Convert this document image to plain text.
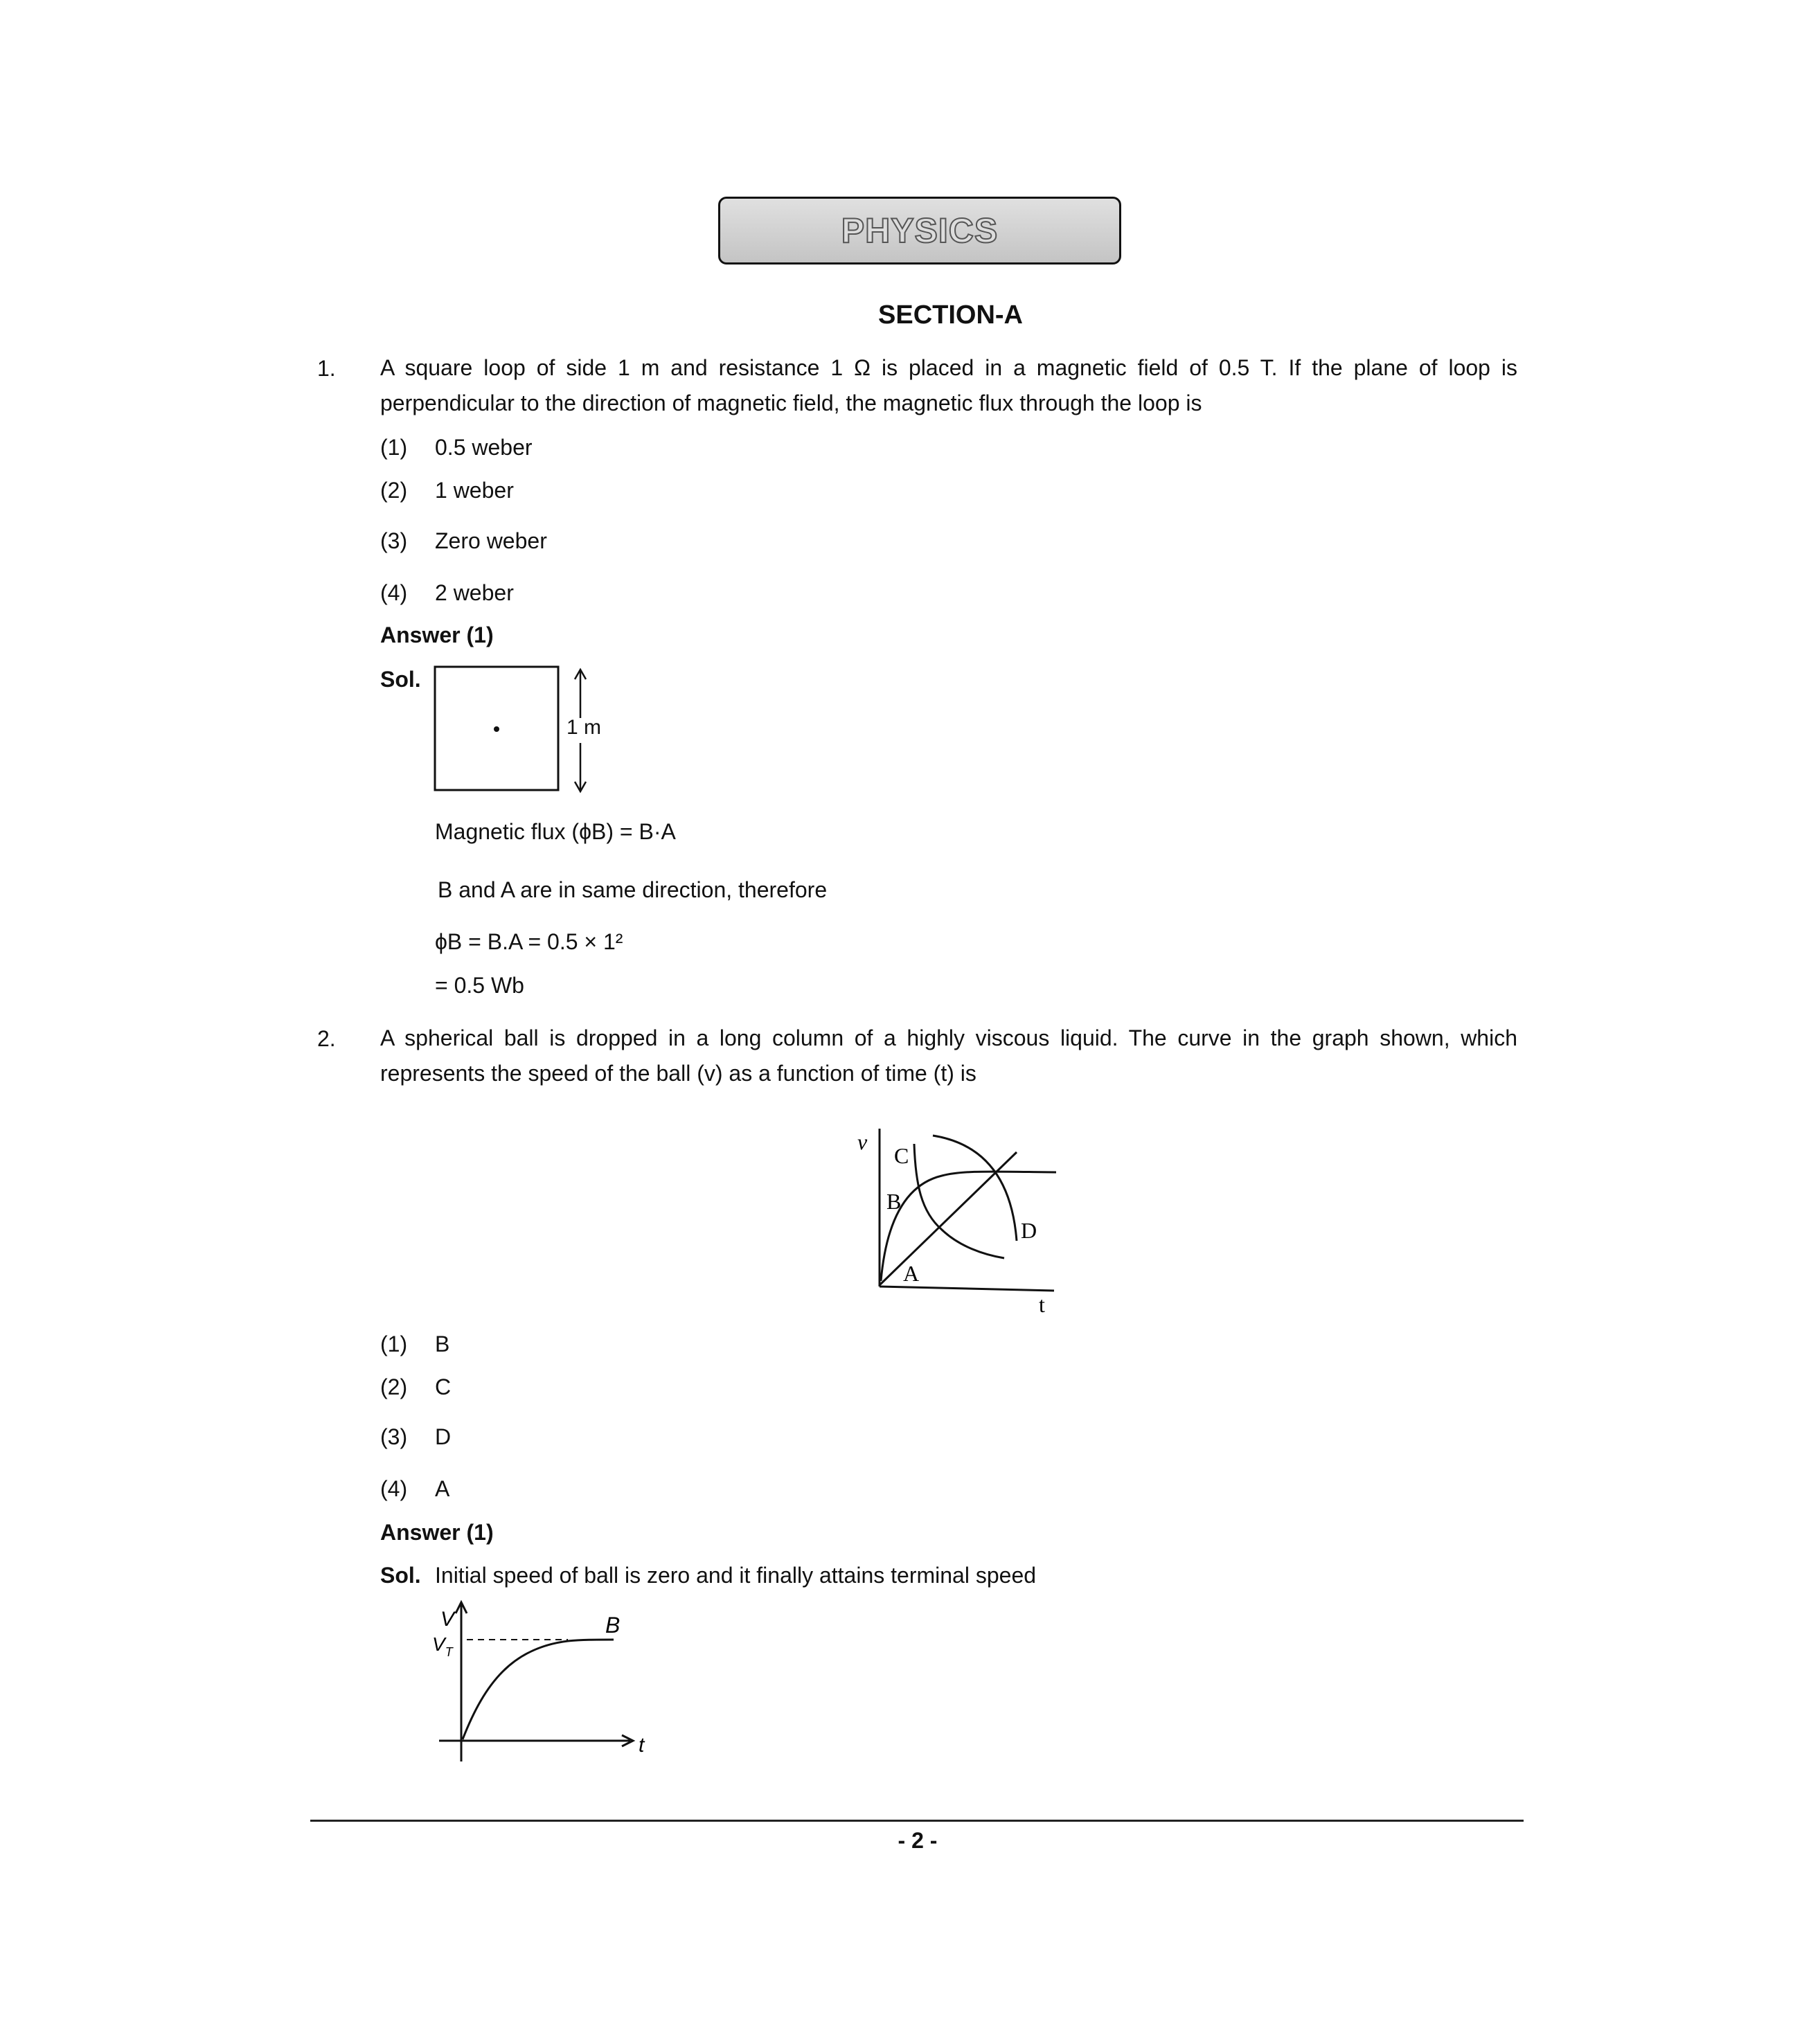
PHYSICS
SECTION-A
1. A square loop of side 1 m and resistance 1 Ω is placed in a magnetic field of 0.5 T. If the plane of loop is perpendicular to the direction of magnetic field, the magnetic flux through the loop is
(1) 0.5 weber
(2) 1 weber
(3) Zero weber
(4) 2 weber
Answer (1)
Sol.
1 m
Magnetic flux (ϕB) = B·A
B and A are in same direction, therefore
ϕB = B.A = 0.5 × 1²
= 0.5 Wb
2. A spherical ball is dropped in a long column of a highly viscous liquid. The curve in the graph shown, which represents the speed of the ball (v) as a function of time (t) is
v
t
A
B
C
D
(1) B
(2) C
(3) D
(4) A
Answer (1)
Sol. Initial speed of ball is zero and it finally attains terminal speed
V
$V_T$
t
B
- 2 -
